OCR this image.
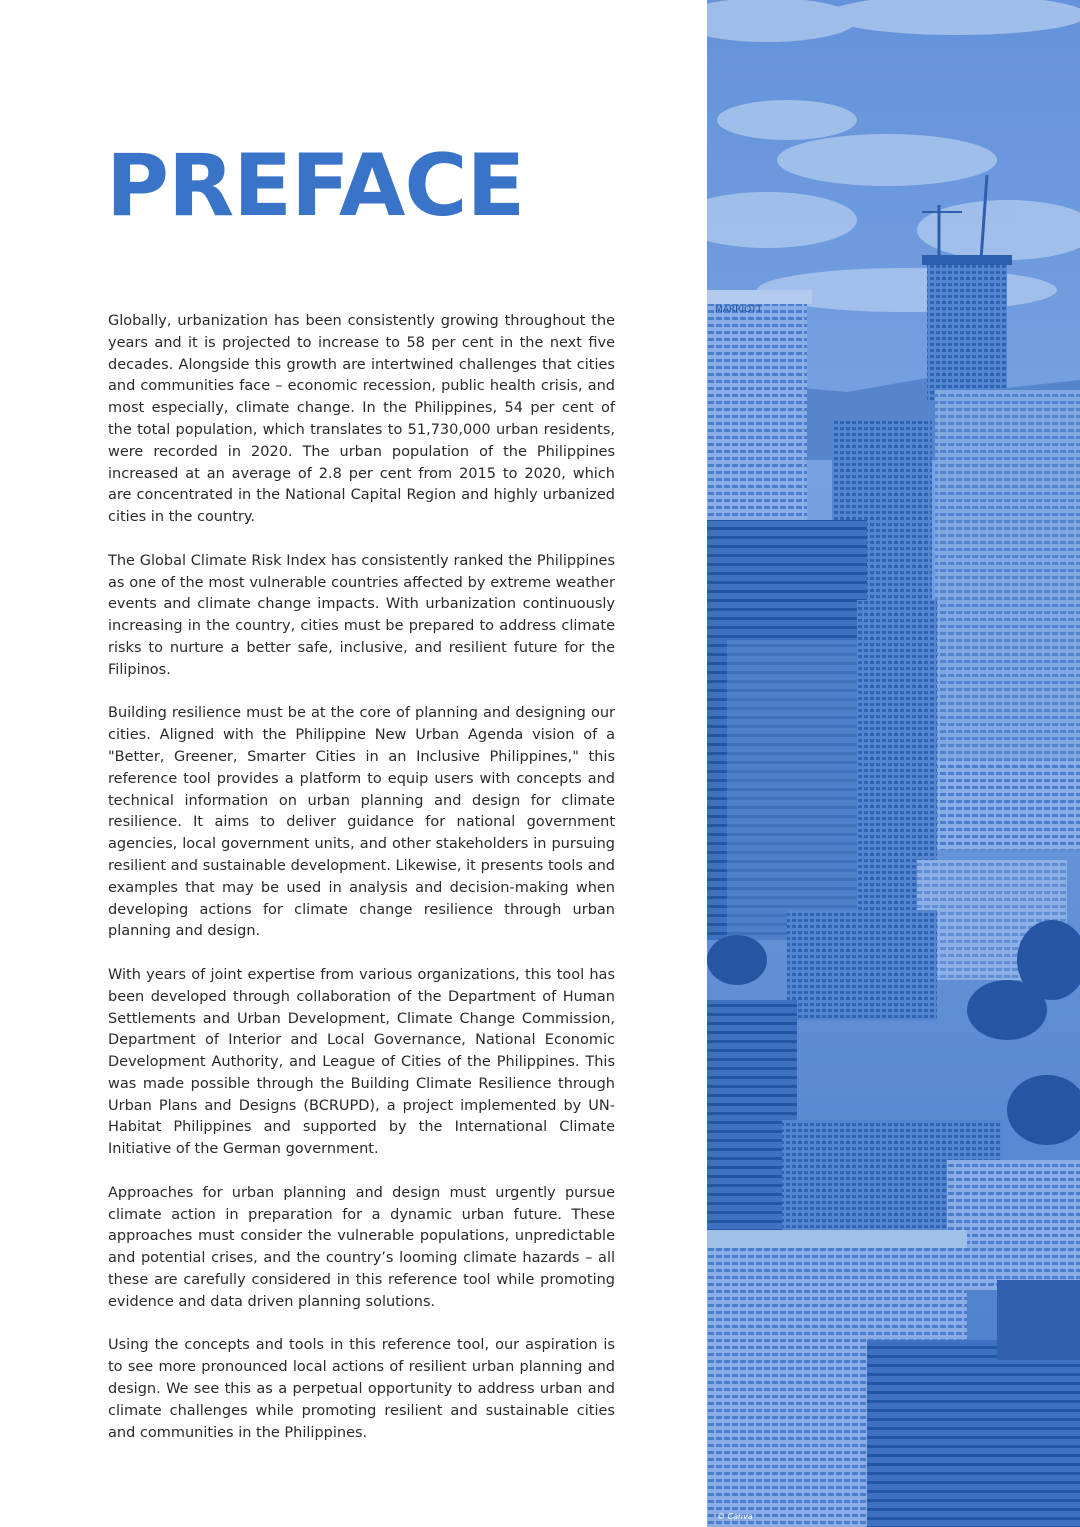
PREFACE

Globally, urbanization has been consistently growing throughout the years and it is projected to increase to 58 per cent in the next five decades. Alongside this growth are intertwined challenges that cities and communities face – economic recession, public health crisis, and most especially, climate change. In the Philippines, 54 per cent of the total population, which translates to 51,730,000 urban residents, were recorded in 2020. The urban population of the Philippines increased at an average of 2.8 per cent from 2015 to 2020, which are concentrated in the National Capital Region and highly urbanized cities in the country.

The Global Climate Risk Index has consistently ranked the Philippines as one of the most vulnerable countries affected by extreme weather events and climate change impacts. With urbanization continuously increasing in the country, cities must be prepared to address climate risks to nurture a better safe, inclusive, and resilient future for the Filipinos.

Building resilience must be at the core of planning and designing our cities. Aligned with the Philippine New Urban Agenda vision of a "Better, Greener, Smarter Cities in an Inclusive Philippines," this reference tool provides a platform to equip users with concepts and technical information on urban planning and design for climate resilience. It aims to deliver guidance for national government agencies, local government units, and other stakeholders in pursuing resilient and sustainable development. Likewise, it presents tools and examples that may be used in analysis and decision-making when developing actions for climate change resilience through urban planning and design.

With years of joint expertise from various organizations, this tool has been developed through collaboration of the Department of Human Settlements and Urban Development, Climate Change Commission, Department of Interior and Local Governance, National Economic Development Authority, and League of Cities of the Philippines. This was made possible through the Building Climate Resilience through Urban Plans and Designs (BCRUPD), a project implemented by UN-Habitat Philippines and supported by the International Climate Initiative of the German government.

Approaches for urban planning and design must urgently pursue climate action in preparation for a dynamic urban future. These approaches must consider the vulnerable populations, unpredictable and potential crises, and the country’s looming climate hazards – all these are carefully considered in this reference tool while promoting evidence and data driven planning solutions.

Using the concepts and tools in this reference tool, our aspiration is to see more pronounced local actions of resilient urban planning and design. We see this as a perpetual opportunity to address urban and climate challenges while promoting resilient and sustainable cities and communities in the Philippines.

MARRIOTT
© Canva
